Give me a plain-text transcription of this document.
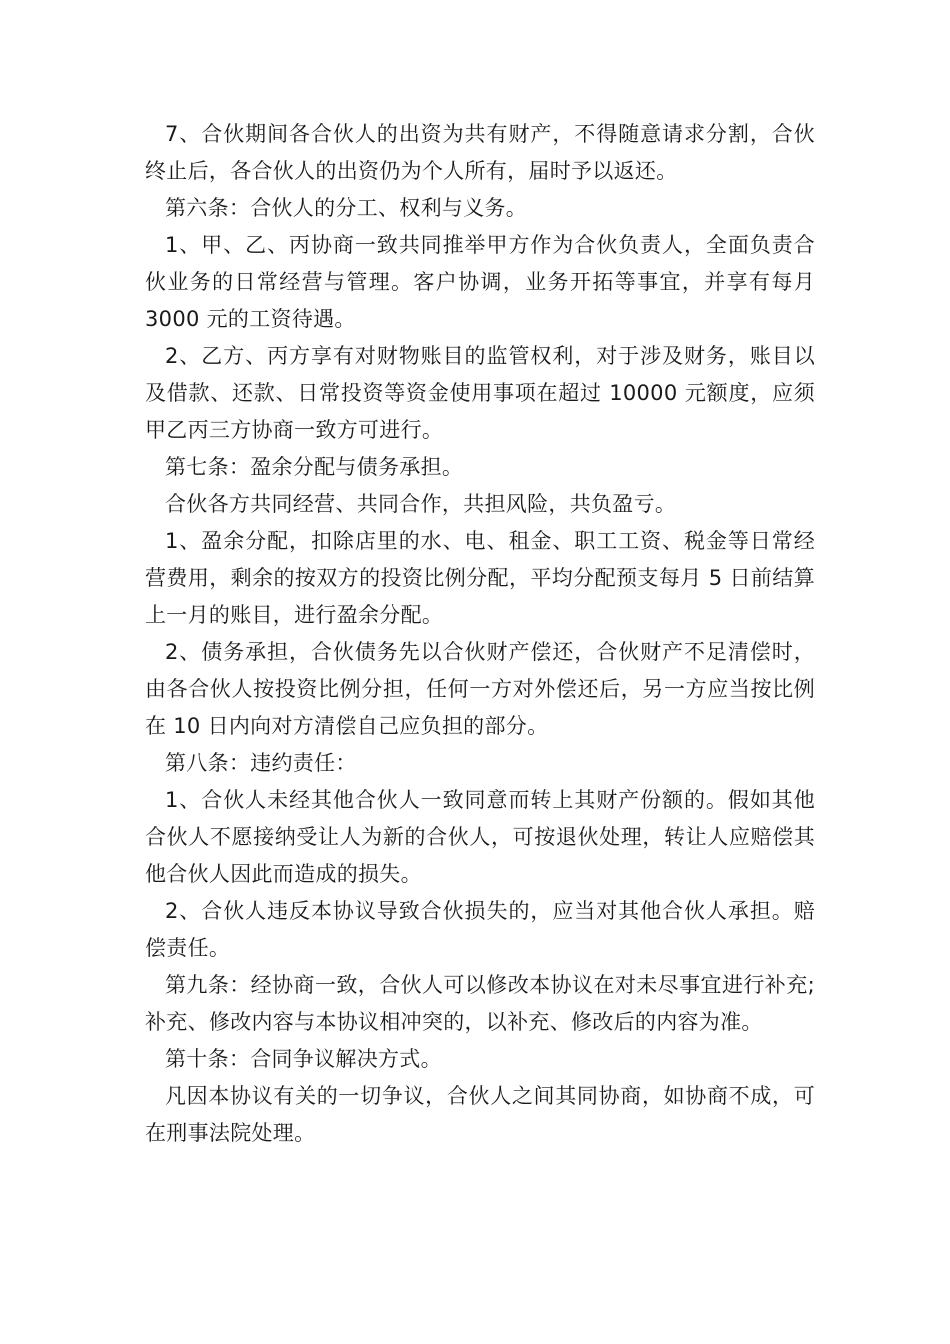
7、合伙期间各合伙人的出资为共有财产，不得随意请求分割，合伙终止后，各合伙人的出资仍为个人所有，届时予以返还。

第六条：合伙人的分工、权利与义务。

1、甲、乙、丙协商一致共同推举甲方作为合伙负责人，全面负责合伙业务的日常经营与管理。客户协调，业务开拓等事宜，并享有每月 3000 元的工资待遇。

2、乙方、丙方享有对财物账目的监管权利，对于涉及财务，账目以及借款、还款、日常投资等资金使用事项在超过 10000 元额度，应须甲乙丙三方协商一致方可进行。

第七条：盈余分配与债务承担。

合伙各方共同经营、共同合作，共担风险，共负盈亏。

1、盈余分配，扣除店里的水、电、租金、职工工资、税金等日常经营费用，剩余的按双方的投资比例分配，平均分配预支每月 5 日前结算上一月的账目，进行盈余分配。

2、债务承担，合伙债务先以合伙财产偿还，合伙财产不足清偿时，由各合伙人按投资比例分担，任何一方对外偿还后，另一方应当按比例在 10 日内向对方清偿自己应负担的部分。

第八条：违约责任：

1、合伙人未经其他合伙人一致同意而转上其财产份额的。假如其他合伙人不愿接纳受让人为新的合伙人，可按退伙处理，转让人应赔偿其他合伙人因此而造成的损失。

2、合伙人违反本协议导致合伙损失的，应当对其他合伙人承担。赔偿责任。

第九条：经协商一致，合伙人可以修改本协议在对未尽事宜进行补充;补充、修改内容与本协议相冲突的，以补充、修改后的内容为准。

第十条：合同争议解决方式。

凡因本协议有关的一切争议，合伙人之间其同协商，如协商不成，可在刑事法院处理。
